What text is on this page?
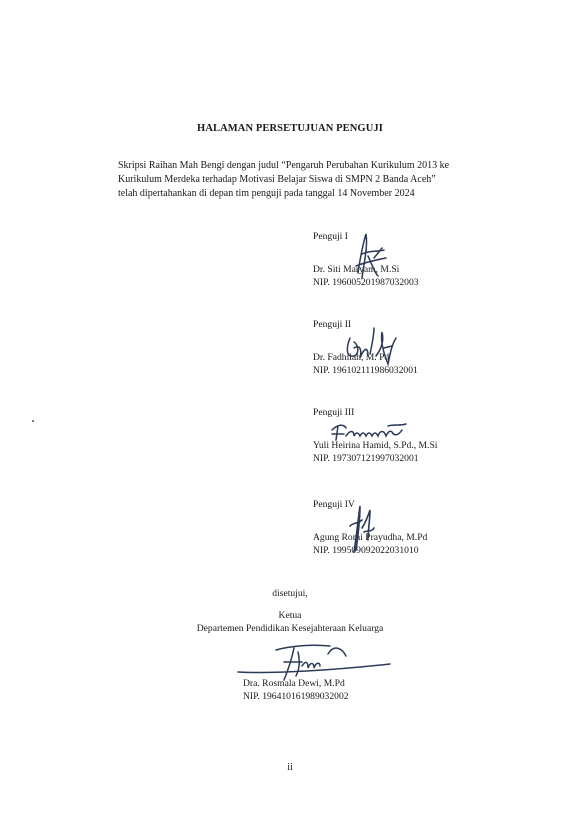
HALAMAN PERSETUJUAN PENGUJI
Skripsi Raihan Mah Bengi dengan judul “Pengaruh Perubahan Kurikulum 2013 ke
Kurikulum Merdeka terhadap Motivasi Belajar Siswa di SMPN 2 Banda Aceh”
telah dipertahankan di depan tim penguji pada tanggal 14 November 2024
Penguji I
Dr. Siti Maryam, M.Si
NIP. 196005201987032003
Penguji II
Dr. Fadhilah, M. Pd
NIP. 196102111986032001
Penguji III
Yuli Heirina Hamid, S.Pd., M.Si
NIP. 197307121997032001
Penguji IV
Agung Romi Prayudha, M.Pd
NIP. 199509092022031010
disetujui,
Ketua
Departemen Pendidikan Kesejahteraan Keluarga
Dra. Rosmala Dewi, M.Pd
NIP. 196410161989032002
ii
